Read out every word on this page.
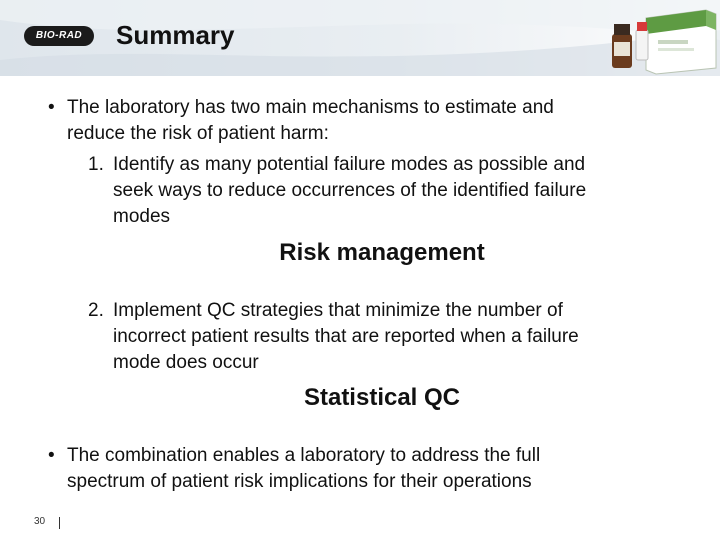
BIO-RAD	Summary
• The laboratory has two main mechanisms to estimate and
reduce the risk of patient harm:
1. Identify as many potential failure modes as possible and
seek ways to reduce occurrences of the identified failure
modes
Risk management
2. Implement QC strategies that minimize the number of
incorrect patient results that are reported when a failure
mode does occur
Statistical QC
• The combination enables a laboratory to address the full
spectrum of patient risk implications for their operations
30
